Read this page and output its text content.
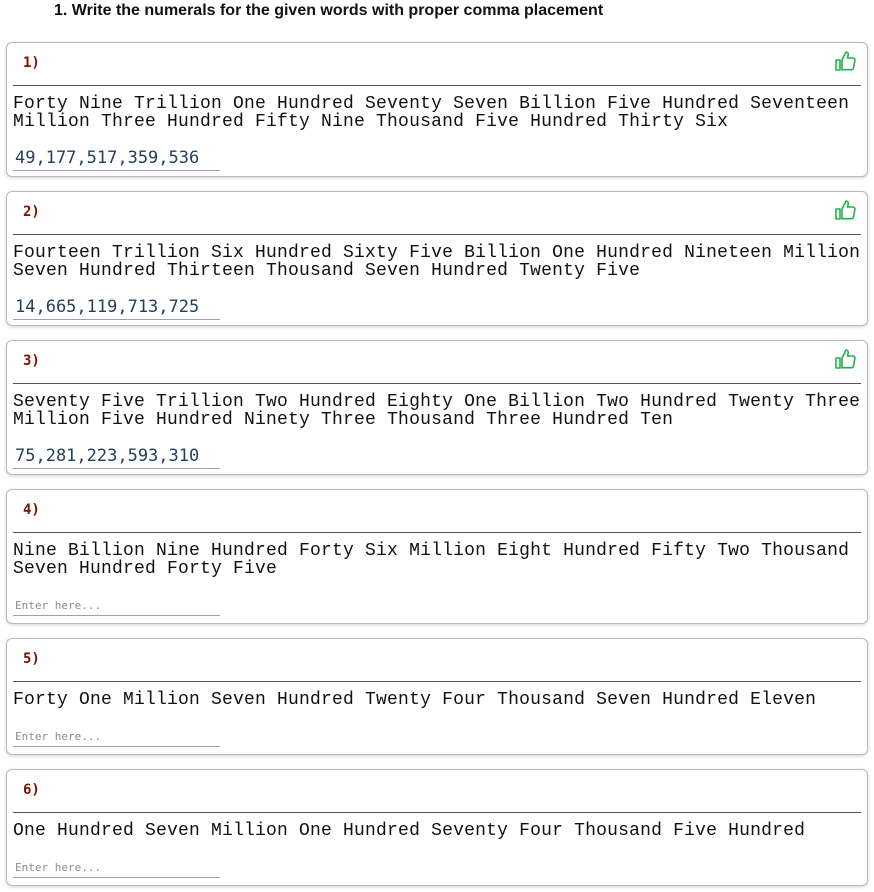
1. Write the numerals for the given words with proper comma placement
1)
Forty Nine Trillion One Hundred Seventy Seven Billion Five Hundred Seventeen Million Three Hundred Fifty Nine Thousand Five Hundred Thirty Six
49,177,517,359,536
2)
Fourteen Trillion Six Hundred Sixty Five Billion One Hundred Nineteen Million Seven Hundred Thirteen Thousand Seven Hundred Twenty Five
14,665,119,713,725
3)
Seventy Five Trillion Two Hundred Eighty One Billion Two Hundred Twenty Three Million Five Hundred Ninety Three Thousand Three Hundred Ten
75,281,223,593,310
4)
Nine Billion Nine Hundred Forty Six Million Eight Hundred Fifty Two Thousand Seven Hundred Forty Five
Enter here...
5)
Forty One Million Seven Hundred Twenty Four Thousand Seven Hundred Eleven
Enter here...
6)
One Hundred Seven Million One Hundred Seventy Four Thousand Five Hundred
Enter here...
